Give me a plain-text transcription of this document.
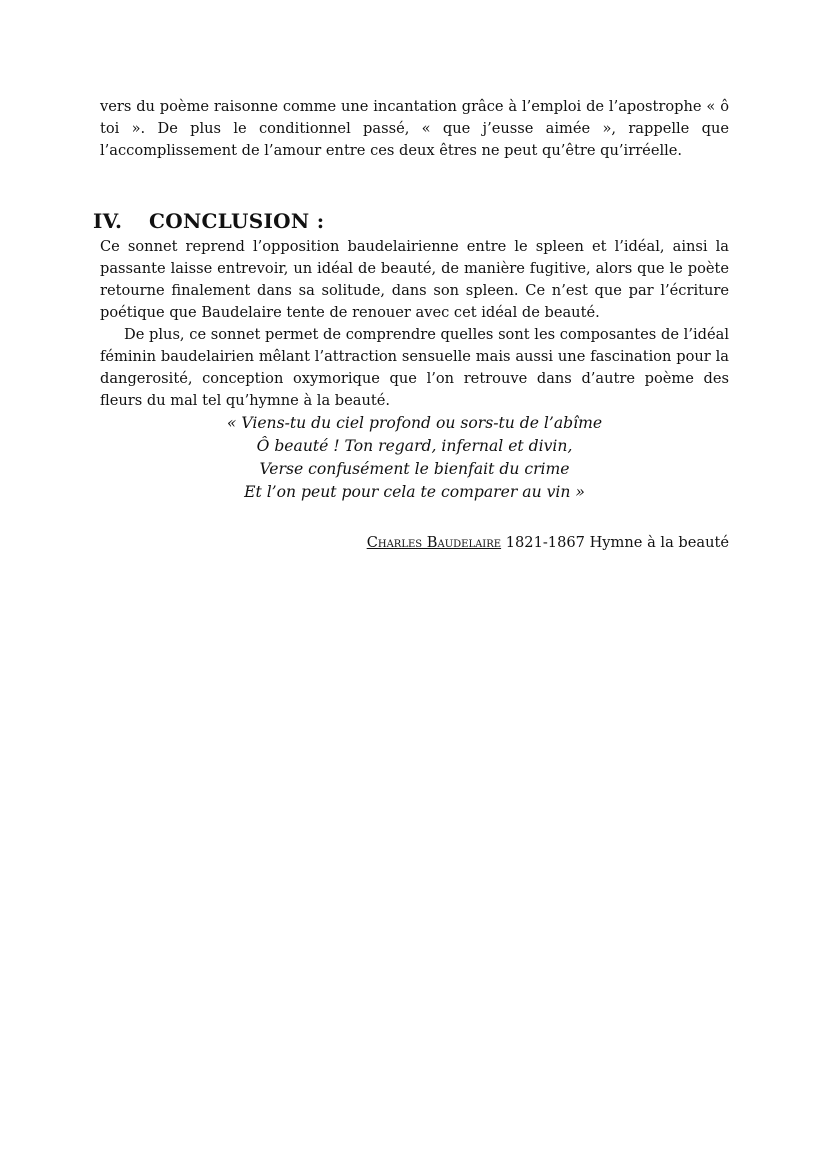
vers du poème raisonne comme une incantation grâce à l’emploi de l’apostrophe « ô toi ». De plus le conditionnel passé, « que j’eusse aimée », rappelle que l’accomplissement de l’amour entre ces deux êtres ne peut qu’être qu’irréelle.

IV. CONCLUSION :

Ce sonnet reprend l’opposition baudelairienne entre le spleen et l’idéal, ainsi la passante laisse entrevoir, un idéal de beauté, de manière fugitive, alors que le poète retourne finalement dans sa solitude, dans son spleen. Ce n’est que par l’écriture poétique que Baudelaire tente de renouer avec cet idéal de beauté.

De plus, ce sonnet permet de comprendre quelles sont les composantes de l’idéal féminin baudelairien mêlant l’attraction sensuelle mais aussi une fascination pour la dangerosité, conception oxymorique que l’on retrouve dans d’autre poème des fleurs du mal tel qu’hymne à la beauté.

« Viens-tu du ciel profond ou sors-tu de l’abîme
Ô beauté ! Ton regard, infernal et divin,
Verse confusément le bienfait du crime
Et l’on peut pour cela te comparer au vin »

Charles Baudelaire 1821-1867 Hymne à la beauté
